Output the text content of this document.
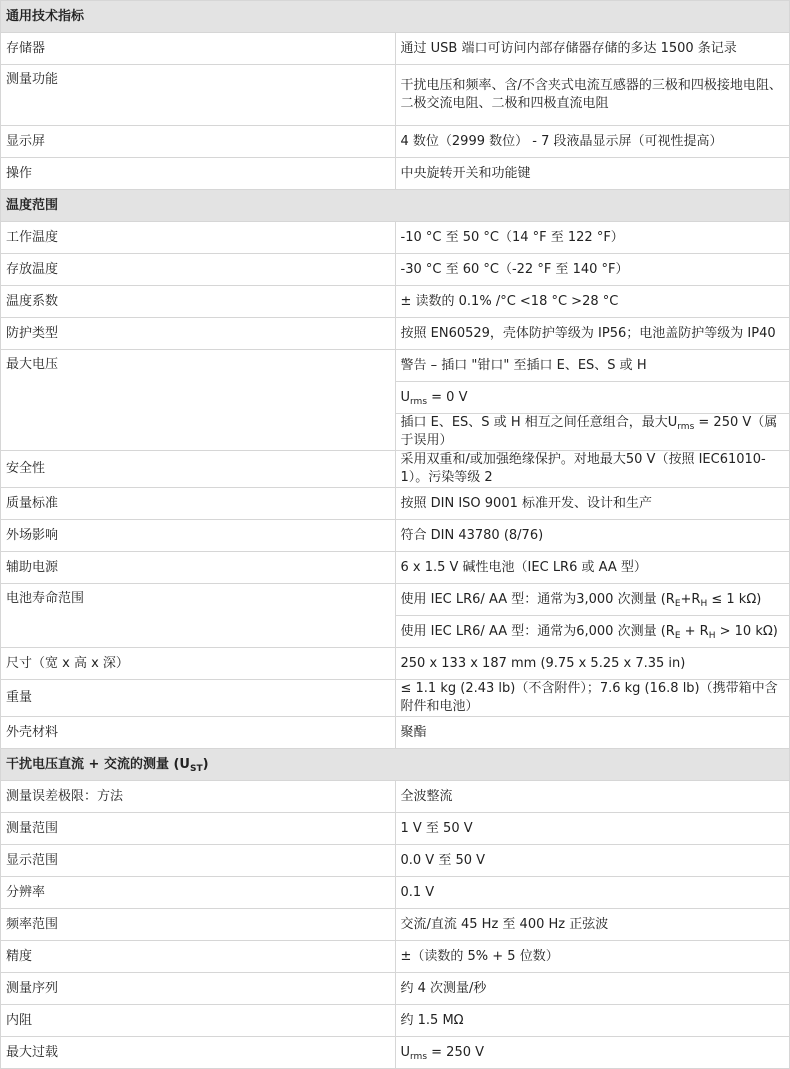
通用技术指标	
存储器	通过 USB 端口可访问内部存储器存储的多达 1500 条记录
测量功能	干扰电压和频率、含/不含夹式电流互感器的三极和四极接地电阻、二极交流电阻、二极和四极直流电阻
显示屏	4 数位（2999 数位） - 7 段液晶显示屏（可视性提高）
操作	中央旋转开关和功能键
温度范围	
工作温度	-10 °C 至 50 °C（14 °F 至 122 °F）
存放温度	-30 °C 至 60 °C（-22 °F 至 140 °F）
温度系数	± 读数的 0.1% /°C <18 °C >28 °C
防护类型	按照 EN60529，壳体防护等级为 IP56；电池盖防护等级为 IP40
最大电压	警告 – 插口 "钳口" 至插口 E、ES、S 或 H
	$U_{rms} = 0$ V
	插口 E、ES、S 或 H 相互之间任意组合，最大$U_{rms} = 250$ V（属于误用）
安全性	采用双重和/或加强绝缘保护。对地最大50 V（按照 IEC61010-1）。污染等级 2
质量标准	按照 DIN ISO 9001 标准开发、设计和生产
外场影响	符合 DIN 43780 (8/76)
辅助电源	6 x 1.5 V 碱性电池（IEC LR6 或 AA 型）
电池寿命范围	使用 IEC LR6/ AA 型：通常为3,000 次测量 ($R_E+R_H \le 1$ kΩ)
	使用 IEC LR6/ AA 型：通常为6,000 次测量 ($R_E + R_H > 10$ kΩ)
尺寸（宽 x 高 x 深）	250 x 133 x 187 mm (9.75 x 5.25 x 7.35 in)
重量	≤ 1.1 kg (2.43 lb)（不含附件）；7.6 kg (16.8 lb)（携带箱中含附件和电池）
外壳材料	聚酯
干扰电压直流 + 交流的测量 $(U_{ST})$	
测量误差极限：方法	全波整流
测量范围	1 V 至 50 V
显示范围	0.0 V 至 50 V
分辨率	0.1 V
频率范围	交流/直流 45 Hz 至 400 Hz 正弦波
精度	±（读数的 5% + 5 位数）
测量序列	约 4 次测量/秒
内阻	约 1.5 MΩ
最大过载	$U_{rms} = 250$ V
